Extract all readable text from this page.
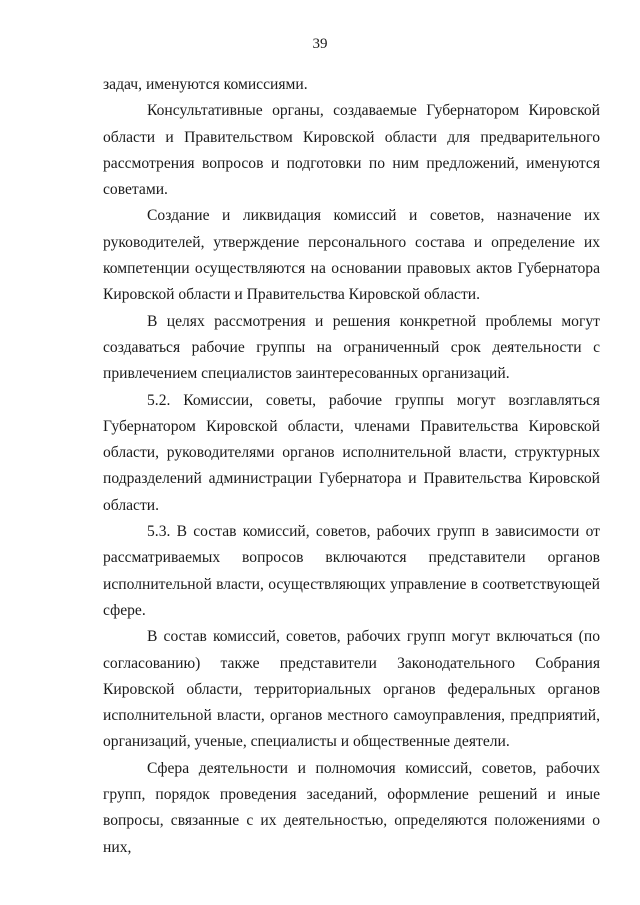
39

задач, именуются комиссиями.

Консультативные органы, создаваемые Губернатором Кировской области и Правительством Кировской области для предварительного рассмотрения вопросов и подготовки по ним предложений, именуются советами.

Создание и ликвидация комиссий и советов, назначение их руководителей, утверждение персонального состава и определение их компетенции осуществляются на основании правовых актов Губернатора Кировской области и Правительства Кировской области.

В целях рассмотрения и решения конкретной проблемы могут создаваться рабочие группы на ограниченный срок деятельности с привлечением специалистов заинтересованных организаций.

5.2. Комиссии, советы, рабочие группы могут возглавляться Губернатором Кировской области, членами Правительства Кировской области, руководителями органов исполнительной власти, структурных подразделений администрации Губернатора и Правительства Кировской области.

5.3. В состав комиссий, советов, рабочих групп в зависимости от рассматриваемых вопросов включаются представители органов исполнительной власти, осуществляющих управление в соответствующей сфере.

В состав комиссий, советов, рабочих групп могут включаться (по согласованию) также представители Законодательного Собрания Кировской области, территориальных органов федеральных органов исполнительной власти, органов местного самоуправления, предприятий, организаций, ученые, специалисты и общественные деятели.

Сфера деятельности и полномочия комиссий, советов, рабочих групп, порядок проведения заседаний, оформление решений и иные вопросы, связанные с их деятельностью, определяются положениями о них,
